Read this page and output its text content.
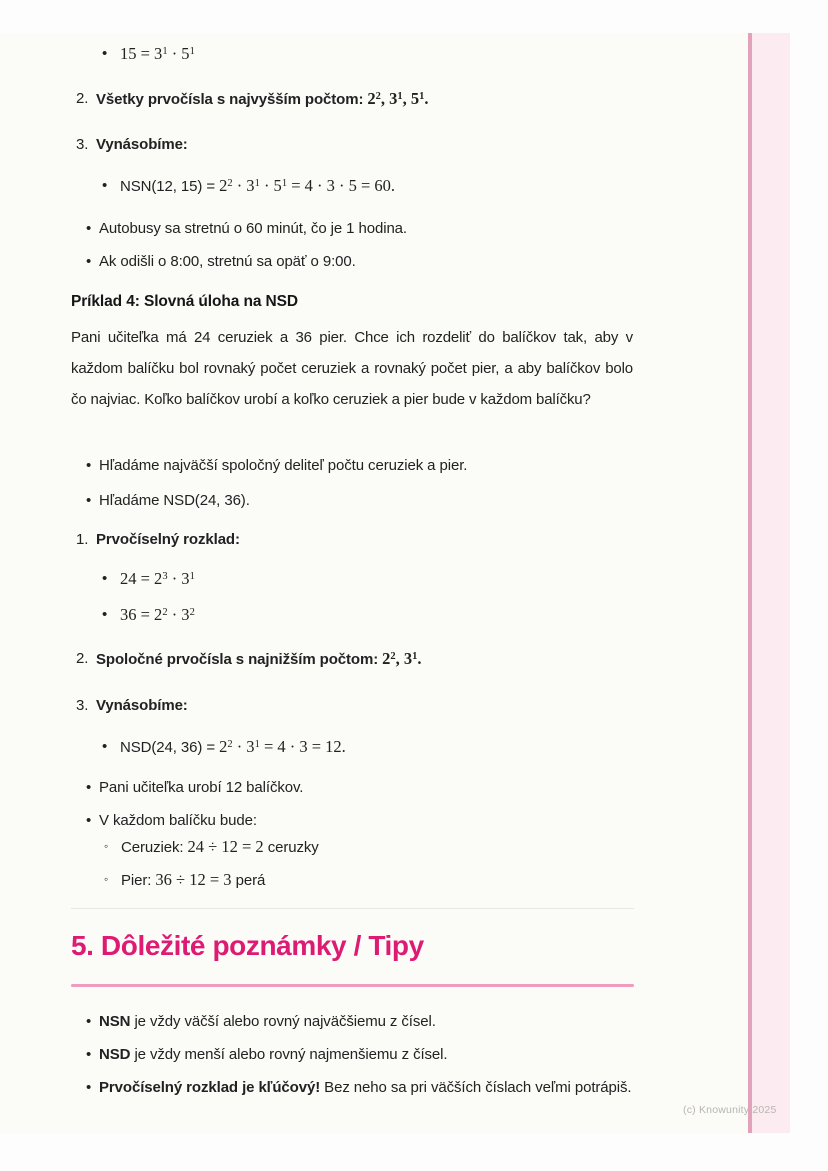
• $15 = 3^1 \cdot 5^1$
2. Všetky prvočísla s najvyšším počtom: $2^2$, $3^1$, $5^1$.
3. Vynásobíme:
• NSN(12, $15) = 2^2 \cdot 3^1 \cdot 5^1 = 4 \cdot 3 \cdot 5 = 60$.
• Autobusy sa stretnú o 60 minút, čo je 1 hodina.
• Ak odišli o 8:00, stretnú sa opäť o 9:00.
Príklad 4: Slovná úloha na NSD
Pani učiteľka má 24 ceruziek a 36 pier. Chce ich rozdeliť do balíčkov tak, aby v každom balíčku bol rovnaký počet ceruziek a rovnaký počet pier, a aby balíčkov bolo čo najviac. Koľko balíčkov urobí a koľko ceruziek a pier bude v každom balíčku?
• Hľadáme najväčší spoločný deliteľ počtu ceruziek a pier.
• Hľadáme NSD(24, 36).
1. Prvočíselný rozklad:
• $24 = 2^3 \cdot 3^1$
• $36 = 2^2 \cdot 3^2$
2. Spoločné prvočísla s najnižším počtom: $2^2$, $3^1$.
3. Vynásobíme:
• NSD(24, $36) = 2^2 \cdot 3^1 = 4 \cdot 3 = 12$.
• Pani učiteľka urobí 12 balíčkov.
• V každom balíčku bude:
◦ Ceruziek: 24 ÷ 12 = 2 ceruzky
◦ Pier: 36 ÷ 12 = 3 perá
5. Dôležité poznámky / Tipy
• NSN je vždy väčší alebo rovný najväčšiemu z čísel.
• NSD je vždy menší alebo rovný najmenšiemu z čísel.
• Prvočíselný rozklad je kľúčový! Bez neho sa pri väčších číslach veľmi potrápiš.
(c) Knowunity 2025
